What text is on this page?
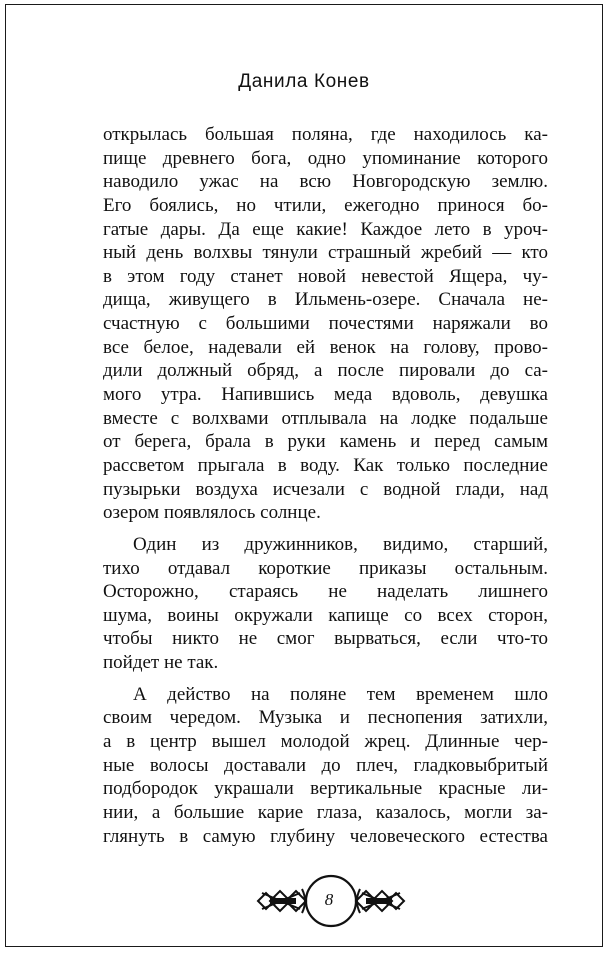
Данила Конев
открылась большая поляна, где находилось ка-
пище древнего бога, одно упоминание которого
наводило ужас на всю Новгородскую землю.
Его боялись, но чтили, ежегодно принося бо-
гатые дары. Да еще какие! Каждое лето в уроч-
ный день волхвы тянули страшный жребий — кто
в этом году станет новой невестой Ящера, чу-
дища, живущего в Ильмень-озере. Сначала не-
счастную с большими почестями наряжали во
все белое, надевали ей венок на голову, прово-
дили должный обряд, а после пировали до са-
мого утра. Напившись меда вдоволь, девушка
вместе с волхвами отплывала на лодке подальше
от берега, брала в руки камень и перед самым
рассветом прыгала в воду. Как только последние
пузырьки воздуха исчезали с водной глади, над
озером появлялось солнце.
Один из дружинников, видимо, старший,
тихо отдавал короткие приказы остальным.
Осторожно, стараясь не наделать лишнего
шума, воины окружали капище со всех сторон,
чтобы никто не смог вырваться, если что-то
пойдет не так.
А действо на поляне тем временем шло
своим чередом. Музыка и песнопения затихли,
а в центр вышел молодой жрец. Длинные чер-
ные волосы доставали до плеч, гладковыбритый
подбородок украшали вертикальные красные ли-
нии, а большие карие глаза, казалось, могли за-
глянуть в самую глубину человеческого естества
8
